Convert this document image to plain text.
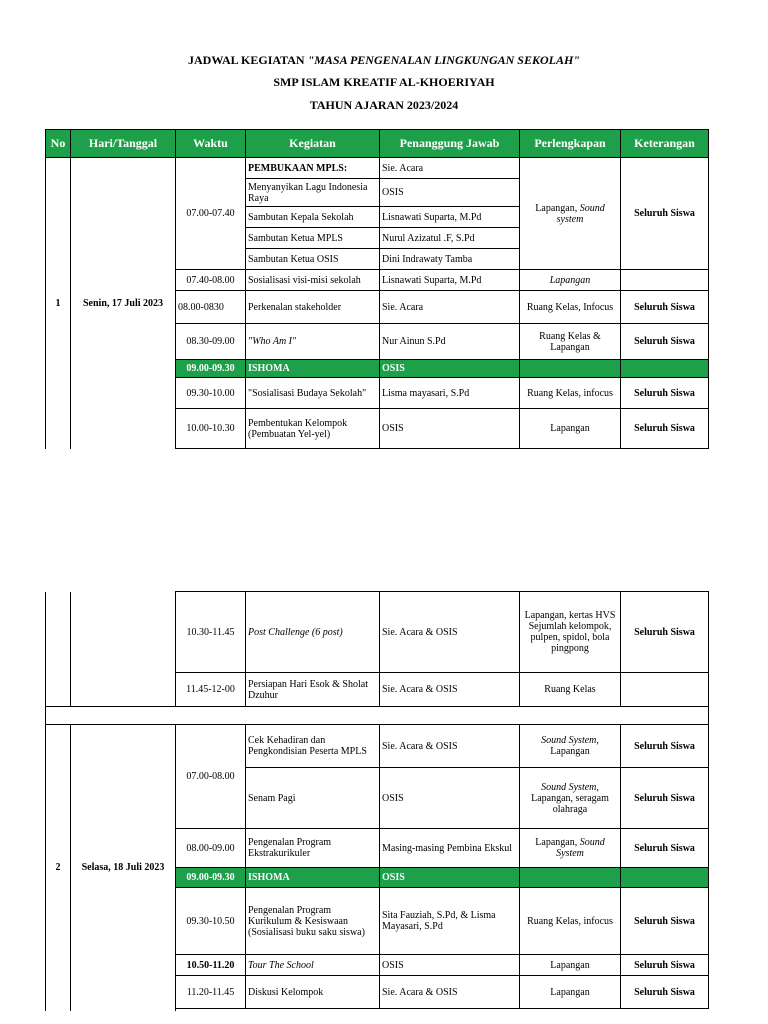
JADWAL KEGIATAN "MASA PENGENALAN LINGKUNGAN SEKOLAH"
SMP ISLAM KREATIF AL-KHOERIYAH
TAHUN AJARAN 2023/2024
No	Hari/Tanggal	Waktu	Kegiatan	Penanggung Jawab	Perlengkapan	Keterangan
1	Senin, 17 Juli 2023	07.00-07.40	PEMBUKAAN MPLS:	Sie. Acara	Lapangan, Sound system	Seluruh Siswa
			Menyanyikan Lagu Indonesia Raya	OSIS		
			Sambutan Kepala Sekolah	Lisnawati Suparta, M.Pd		
			Sambutan Ketua MPLS	Nurul Azizatul .F, S.Pd		
			Sambutan Ketua OSIS	Dini Indrawaty Tamba		
		07.40-08.00	Sosialisasi visi-misi sekolah	Lisnawati Suparta, M.Pd	Lapangan	
		08.00-0830	Perkenalan stakeholder	Sie. Acara	Ruang Kelas, Infocus	Seluruh Siswa
		08.30-09.00	"Who Am I"	Nur Ainun S.Pd	Ruang Kelas & Lapangan	Seluruh Siswa
		09.00-09.30	ISHOMA	OSIS		
		09.30-10.00	"Sosialisasi Budaya Sekolah"	Lisma mayasari, S.Pd	Ruang Kelas, infocus	Seluruh Siswa
		10.00-10.30	Pembentukan Kelompok (Pembuatan Yel-yel)	OSIS	Lapangan	Seluruh Siswa
		10.30-11.45	Post Challenge (6 post)	Sie. Acara & OSIS	Lapangan, kertas HVS Sejumlah kelompok, pulpen, spidol, bola pingpong	Seluruh Siswa
		11.45-12-00	Persiapan Hari Esok & Sholat Dzuhur	Sie. Acara & OSIS	Ruang Kelas	

2	Selasa, 18 Juli 2023	07.00-08.00	Cek Kehadiran dan Pengkondisian Peserta MPLS	Sie. Acara & OSIS	Sound System, Lapangan	Seluruh Siswa
			Senam Pagi	OSIS	Sound System, Lapangan, seragam olahraga	Seluruh Siswa
		08.00-09.00	Pengenalan Program Ekstrakurikuler	Masing-masing Pembina Ekskul	Lapangan, Sound System	Seluruh Siswa
		09.00-09.30	ISHOMA	OSIS		
		09.30-10.50	Pengenalan Program Kurikulum & Kesiswaan (Sosialisasi buku saku siswa)	Sita Fauziah, S.Pd, & Lisma Mayasari, S.Pd	Ruang Kelas, infocus	Seluruh Siswa
		10.50-11.20	Tour The School	OSIS	Lapangan	Seluruh Siswa
		11.20-11.45	Diskusi Kelompok	Sie. Acara & OSIS	Lapangan	Seluruh Siswa
